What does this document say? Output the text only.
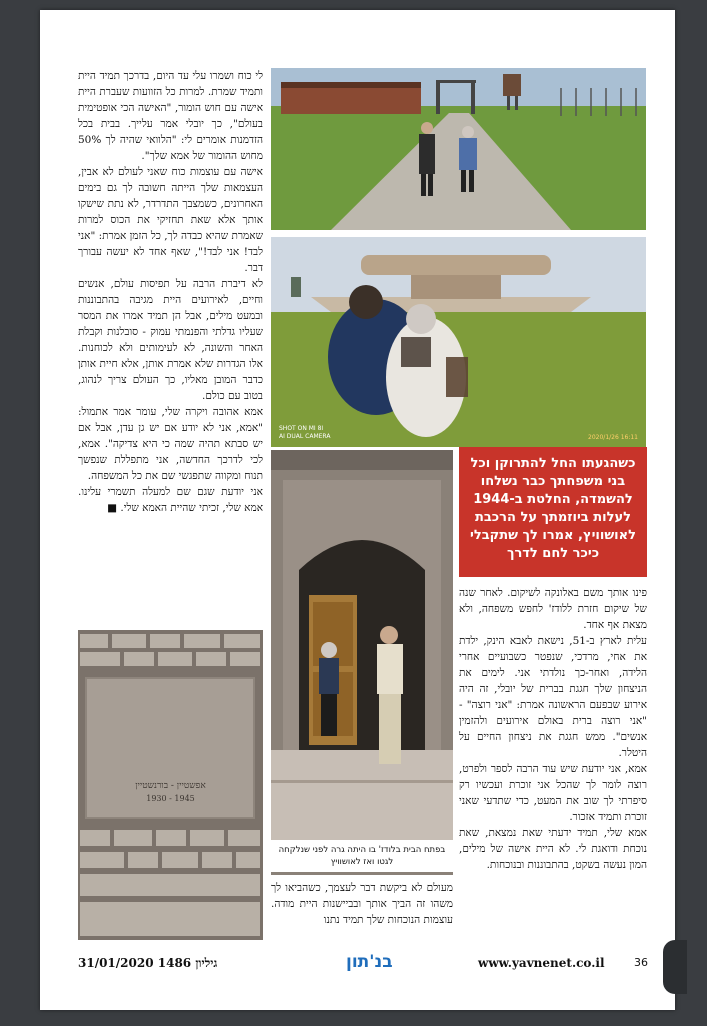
לי כוח ושמרו עלי עד היום, בדרכך תמיד היית ותמיד שמרת. למרות כל הזוועות שעברת היית אישה עם חוש הומור, "האישה הכי אופטימית בעולם", כך יובלי אמר עלייך. בבית בכל הזדמנות אומרים לי: "הלוואי שהיה לך 50% מחוש ההומור של אמא שלך".

אישה עם עוצמות כוח שאני לעולם לא אבין, העצמאות שלך הייתה חשובה לך גם בימים האחרונים, כשמצבך התדרדר, לא נתת שישקו אותך אלא שאת תחזיקי את הכוס למרות שאמרת שהיא כבדה לך, כל הזמן אמרת: "אני לבד! אני לבד!", שאף אחד לא יעשה עבורך דבר.

לא דיברת הרבה על תפיסות עולם, אנשים וחיים, לאירועים היית מגיבה בהתבוננות ובמעט מילים, אבל הן תמיד אמרו את המסר שעליו גדלתי והפנמתי עמוק - סובלנות וקבלת האחר והשונה, לא לעימותים ולא לכוחנות. אלו הגדרות שלא אמרת אותן, אלא חיית אותן כדבר המובן מאליו, כך העולם צריך לנהוג, בטוב עם כולם.

אמא אהובה ויקרה שלי, עומר אמר אתמול: "אמא, אני לא יודע אם יש גן עדן, אבל אם יש סבתא תהיה שמה כי היא צדיקה". אמא, לכי לדרכך החדשה, אני מתפללת שנפשך תנוח ומקווה שתפגשי שם את כל המשפחה.

אני יודעת שגם שם למעלה תשמרי עלינו. אמא שלי, זכיתי שהיית האמא שלי. ■

SHOT ON MI 8I
AI DUAL CAMERA	2020/1/26 16:11
בפתח הבית בלודז' בו היתה גרה לפני שנלקחה לגטו ואז לאושוויץ
כשהגעתו החל להתרוקן וכל בני משפחתך כבר נשלחו להשמדה, החלטת ב-1944 לעלות ביוזמתך על הרכבת לאושוויץ, אמרו לך שתקבלי כיכר לחם לדרך

פינו אותך משם באלונקה לשיקום. לאחר שנה של שיקום חזרת ללודז' לחפש משפחה, ולא מצאת אף אחד.

עלית לארץ ב-51, נישאת לאבא הינק, ילדת את אחי, מרדכי, שנפטר כשבועיים אחרי הלידה, ואחר-כך נולדתי אני. לימים את הניצחון שלך חגגת בברית של יובלי, זה היה אירוע שבפעם הראשונה אמרת: "אני רוצה" - "אני רוצה ברית באולם אירועים ולהזמין אנשים". ממש חגגת את ניצחון החיים על היטלר.

אמא, אני יודעת שיש עוד הרבה לספר ולפרט, רוצה לומר לך שהכל אני זוכרת ועכשיו רק סיפרתי לך שוב את המעט, כדי שתדעי שאני זוכרת ותמיד אזכור.

אמא שלי, תמיד ידעתי שאת נמצאת, שאת נוכחת ודואגת לי. לא היית אישה של מילים, המון נעשה בשקט, בהתבוננות ובנוכחות.

מעולם לא ביקשת דבר לעצמך, כשהביאו לך משהו זה הביך אותך ובביישנות היית מודה. עוצמות הנוכחות שלך תמיד נתנו

אפשטיין - בורנשטיין
1930 - 1945
גיליון 1486 31/01/2020	בנ'תון	www.yavnenet.co.il	36
